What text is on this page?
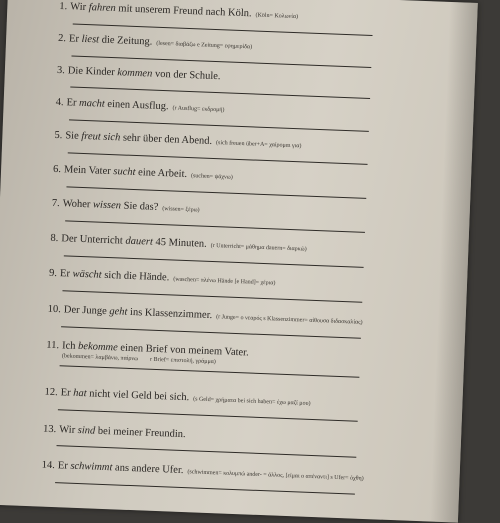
1. Wir fahren mit unserem Freund nach Köln. (Köln= Κολωνία)
2. Er liest die Zeitung. (lesen= διαβάζω e Zeitung= εφημερίδα)
3. Die Kinder kommen von der Schule.
4. Er macht einen Ausflug. (r Ausflug= εκδρομή)
5. Sie freut sich sehr über den Abend. (sich freuen über+A= χαίρομαι για)
6. Mein Vater sucht eine Arbeit. (suchen= ψάχνω)
7. Woher wissen Sie das? (wissen= ξέρω)
8. Der Unterricht dauert 45 Minuten. (r Unterricht= μάθημα dauern= διαρκώ)
9. Er wäscht sich die Hände. (waschen= πλένω Hände [e Hand]= χέρια)
10. Der Junge geht ins Klassenzimmer. (r Junge= ο νεαρός s Klassenzimmer= αίθουσα διδασκαλίας)
11. Ich bekomme einen Brief von meinem Vater.
(bekommen= λαμβάνω, παίρνω r Brief= επιστολή, γράμμα)
12. Er hat nicht viel Geld bei sich. (s Geld= χρήματα bei sich haben= έχω μαζί μου)
13. Wir sind bei meiner Freundin.
14. Er schwimmt ans andere Ufer. (schwimmen= κολυμπώ ander- = άλλος, [είμαι ο απέναντι] s Ufer= όχθη)
